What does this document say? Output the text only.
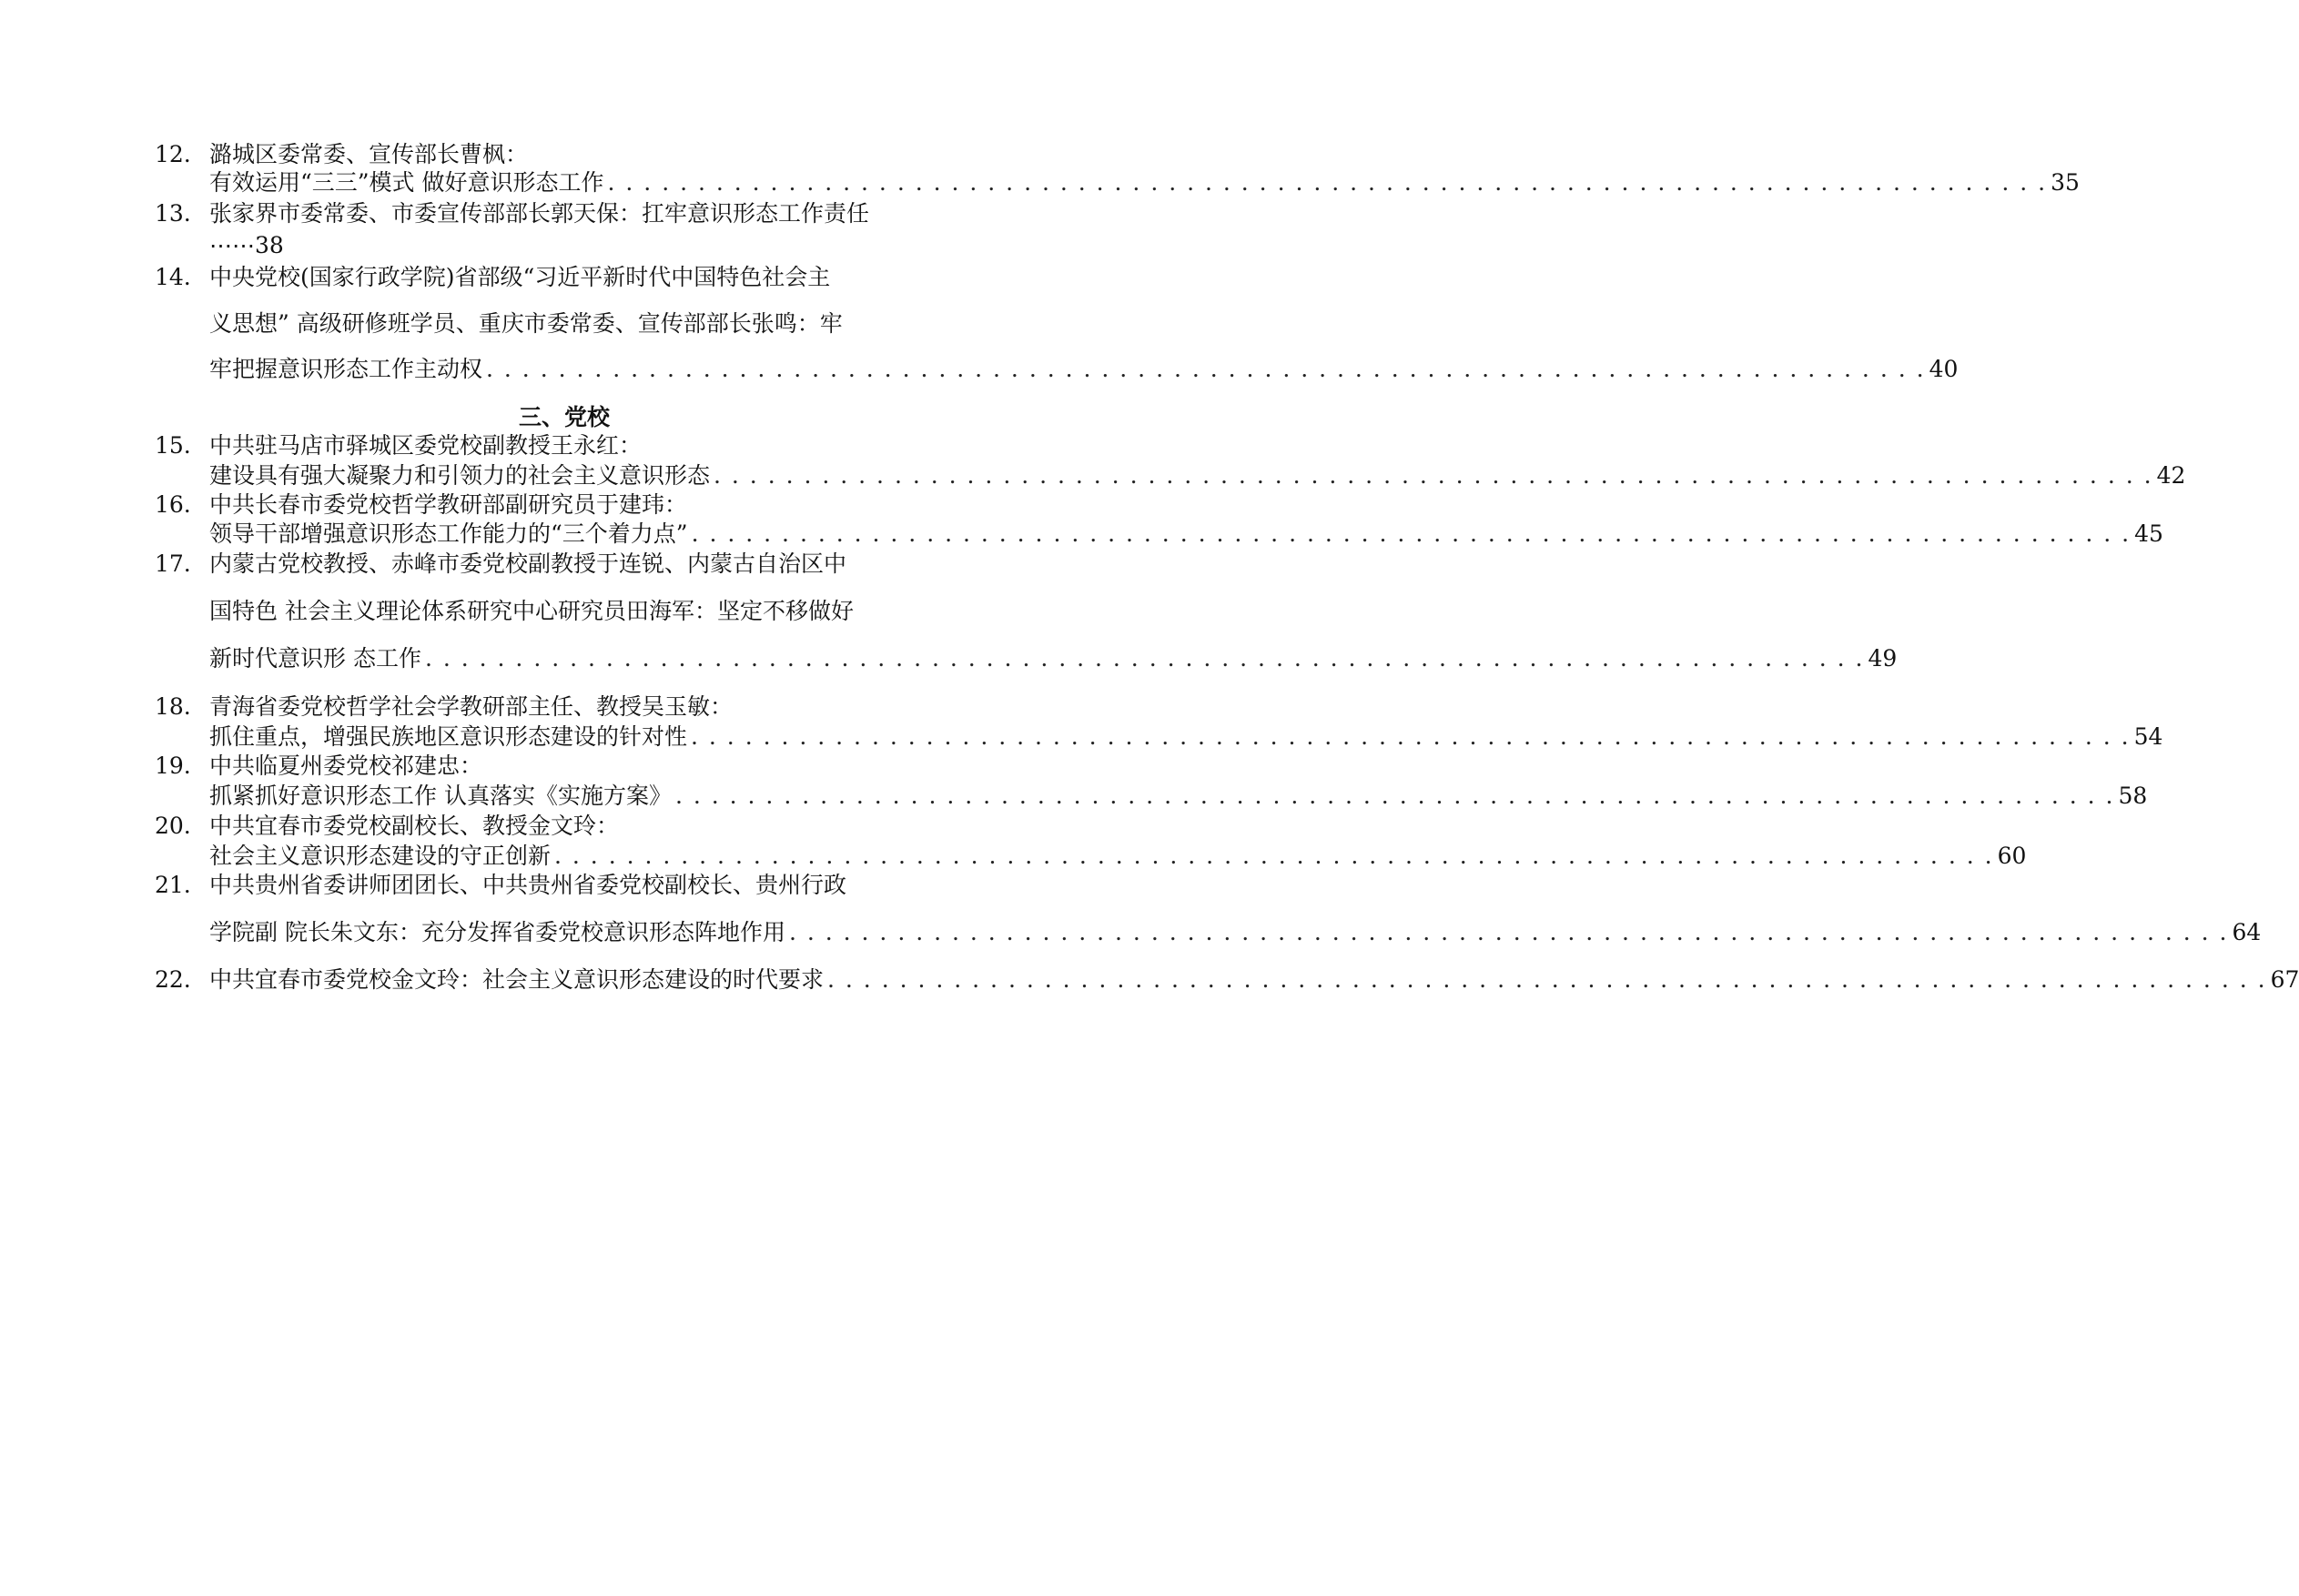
12. 潞城区委常委、宣传部长曹枫：
有效运用“三三”模式 做好意识形态工作 . . . . . . . . . . . . . . . . . . . . . . . . . . . . . . . . . . . . . . . . . . . . . . . . . . . . . . . . . . . . . . . . . . . . . . . . . . . . . . . . 35
13. 张家界市委常委、市委宣传部部长郭天保：扛牢意识形态工作责任
⋯⋯38
14. 中央党校(国家行政学院)省部级“习近平新时代中国特色社会主
义思想” 高级研修班学员、重庆市委常委、宣传部部长张鸣：牢
牢把握意识形态工作主动权 . . . . . . . . . . . . . . . . . . . . . . . . . . . . . . . . . . . . . . . . . . . . . . . . . . . . . . . . . . . . . . . . . . . . . . . . . . . . . . . . 40
三、党校
15. 中共驻马店市驿城区委党校副教授王永红：
建设具有强大凝聚力和引领力的社会主义意识形态 . . . . . . . . . . . . . . . . . . . . . . . . . . . . . . . . . . . . . . . . . . . . . . . . . . . . . . . . . . . . . . . . . . . . . . . . . . . . . . . . 42
16. 中共长春市委党校哲学教研部副研究员于建玮：
领导干部增强意识形态工作能力的“三个着力点” . . . . . . . . . . . . . . . . . . . . . . . . . . . . . . . . . . . . . . . . . . . . . . . . . . . . . . . . . . . . . . . . . . . . . . . . . . . . . . . . 45
17. 内蒙古党校教授、赤峰市委党校副教授于连锐、内蒙古自治区中
国特色 社会主义理论体系研究中心研究员田海军：坚定不移做好
新时代意识形 态工作 . . . . . . . . . . . . . . . . . . . . . . . . . . . . . . . . . . . . . . . . . . . . . . . . . . . . . . . . . . . . . . . . . . . . . . . . . . . . . . . . 49
18. 青海省委党校哲学社会学教研部主任、教授吴玉敏：
抓住重点，增强民族地区意识形态建设的针对性 . . . . . . . . . . . . . . . . . . . . . . . . . . . . . . . . . . . . . . . . . . . . . . . . . . . . . . . . . . . . . . . . . . . . . . . . . . . . . . . . 54
19. 中共临夏州委党校祁建忠：
抓紧抓好意识形态工作 认真落实《实施方案》 . . . . . . . . . . . . . . . . . . . . . . . . . . . . . . . . . . . . . . . . . . . . . . . . . . . . . . . . . . . . . . . . . . . . . . . . . . . . . . . . 58
20. 中共宜春市委党校副校长、教授金文玲：
社会主义意识形态建设的守正创新 . . . . . . . . . . . . . . . . . . . . . . . . . . . . . . . . . . . . . . . . . . . . . . . . . . . . . . . . . . . . . . . . . . . . . . . . . . . . . . . . 60
21. 中共贵州省委讲师团团长、中共贵州省委党校副校长、贵州行政
学院副 院长朱文东：充分发挥省委党校意识形态阵地作用 . . . . . . . . . . . . . . . . . . . . . . . . . . . . . . . . . . . . . . . . . . . . . . . . . . . . . . . . . . . . . . . . . . . . . . . . . . . . . . . . 64
22. 中共宜春市委党校金文玲：社会主义意识形态建设的时代要求 . . . . . . . . . . . . . . . . . . . . . . . . . . . . . . . . . . . . . . . . . . . . . . . . . . . . . . . . . . . . . . . . . . . . . . . . . . . . . . . . 67
